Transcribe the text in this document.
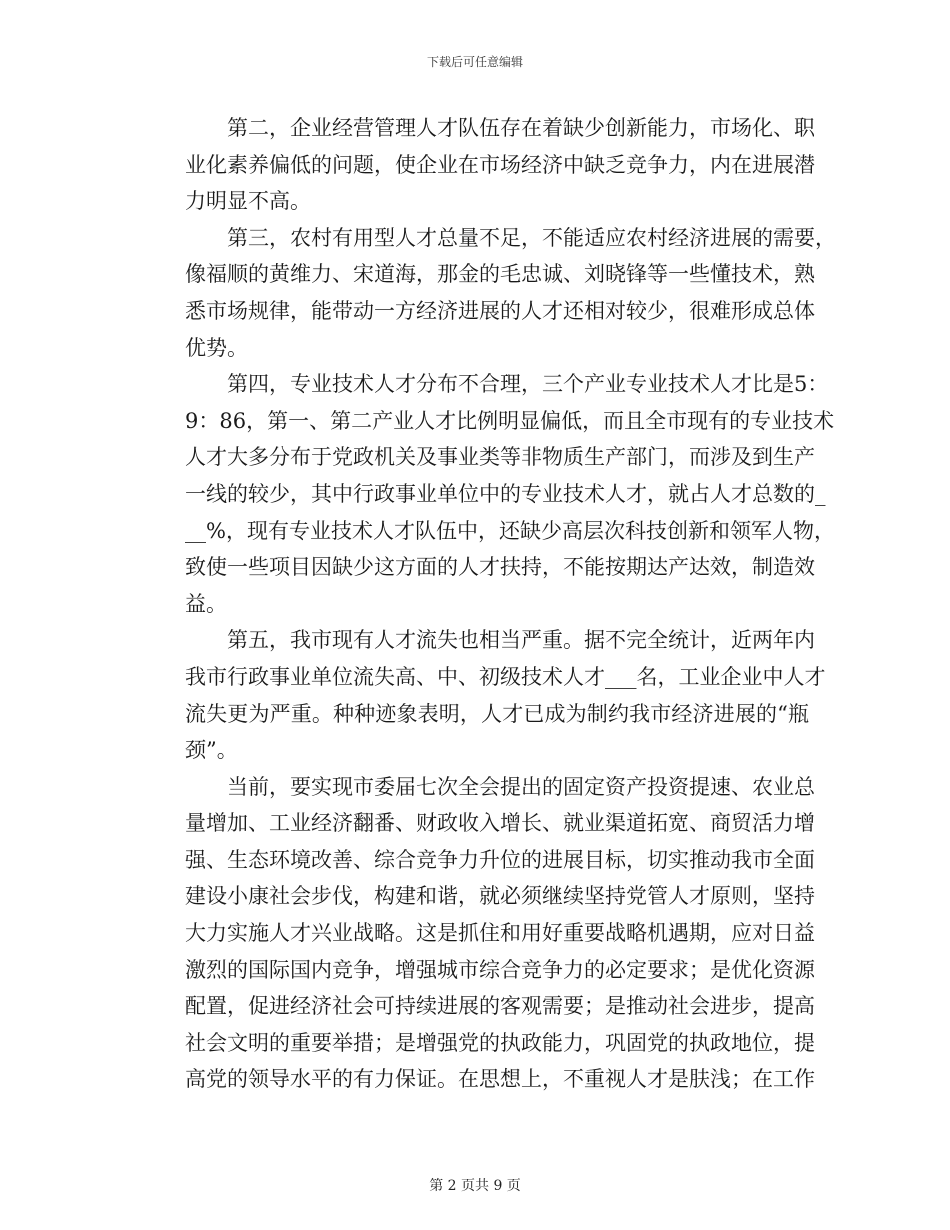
下载后可任意编辑

第二，企业经营管理人才队伍存在着缺少创新能力，市场化、职
业化素养偏低的问题，使企业在市场经济中缺乏竞争力，内在进展潜
力明显不高。

第三，农村有用型人才总量不足，不能适应农村经济进展的需要，
像福顺的黄维力、宋道海，那金的毛忠诚、刘晓锋等一些懂技术，熟
悉市场规律，能带动一方经济进展的人才还相对较少，很难形成总体
优势。

第四，专业技术人才分布不合理，三个产业专业技术人才比是5：
9：86，第一、第二产业人才比例明显偏低，而且全市现有的专业技术
人才大多分布于党政机关及事业类等非物质生产部门，而涉及到生产
一线的较少，其中行政事业单位中的专业技术人才，就占人才总数的_
__%，现有专业技术人才队伍中，还缺少高层次科技创新和领军人物，
致使一些项目因缺少这方面的人才扶持，不能按期达产达效，制造效
益。

第五，我市现有人才流失也相当严重。据不完全统计，近两年内
我市行政事业单位流失高、中、初级技术人才___名，工业企业中人才
流失更为严重。种种迹象表明，人才已成为制约我市经济进展的“瓶
颈”。

当前，要实现市委届七次全会提出的固定资产投资提速、农业总
量增加、工业经济翻番、财政收入增长、就业渠道拓宽、商贸活力增
强、生态环境改善、综合竞争力升位的进展目标，切实推动我市全面
建设小康社会步伐，构建和谐，就必须继续坚持党管人才原则，坚持
大力实施人才兴业战略。这是抓住和用好重要战略机遇期，应对日益
激烈的国际国内竞争，增强城市综合竞争力的必定要求；是优化资源
配置，促进经济社会可持续进展的客观需要；是推动社会进步，提高
社会文明的重要举措；是增强党的执政能力，巩固党的执政地位，提
高党的领导水平的有力保证。在思想上，不重视人才是肤浅；在工作

第 2 页共 9 页
